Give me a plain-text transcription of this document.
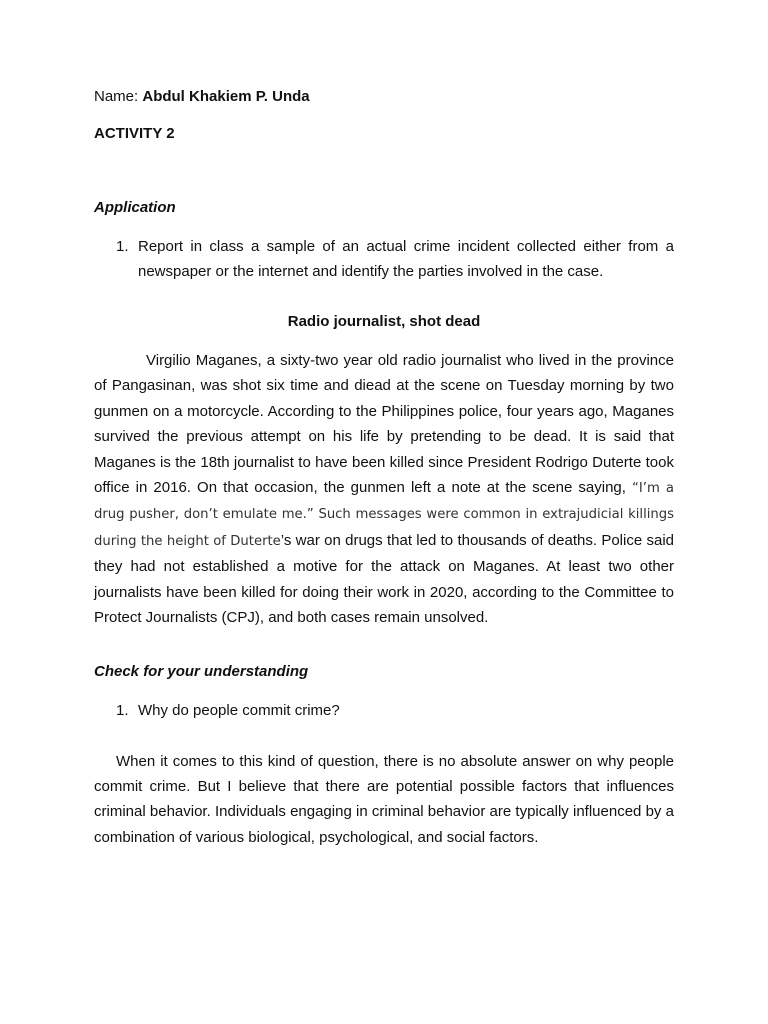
Name: Abdul Khakiem P. Unda

ACTIVITY 2

Application

1. Report in class a sample of an actual crime incident collected either from a newspaper or the internet and identify the parties involved in the case.

Radio journalist, shot dead

Virgilio Maganes, a sixty-two year old radio journalist who lived in the province of Pangasinan, was shot six time and diead at the scene on Tuesday morning by two gunmen on a motorcycle. According to the Philippines police, four years ago, Maganes survived the previous attempt on his life by pretending to be dead. It is said that Maganes is the 18th journalist to have been killed since President Rodrigo Duterte took office in 2016. On that occasion, the gunmen left a note at the scene saying, “I’m a drug pusher, don’t emulate me.” Such messages were common in extrajudicial killings during the height of Duterte’s war on drugs that led to thousands of deaths. Police said they had not established a motive for the attack on Maganes. At least two other journalists have been killed for doing their work in 2020, according to the Committee to Protect Journalists (CPJ), and both cases remain unsolved.

Check for your understanding

1. Why do people commit crime?

When it comes to this kind of question, there is no absolute answer on why people commit crime. But I believe that there are potential possible factors that influences criminal behavior. Individuals engaging in criminal behavior are typically influenced by a combination of various biological, psychological, and social factors.
